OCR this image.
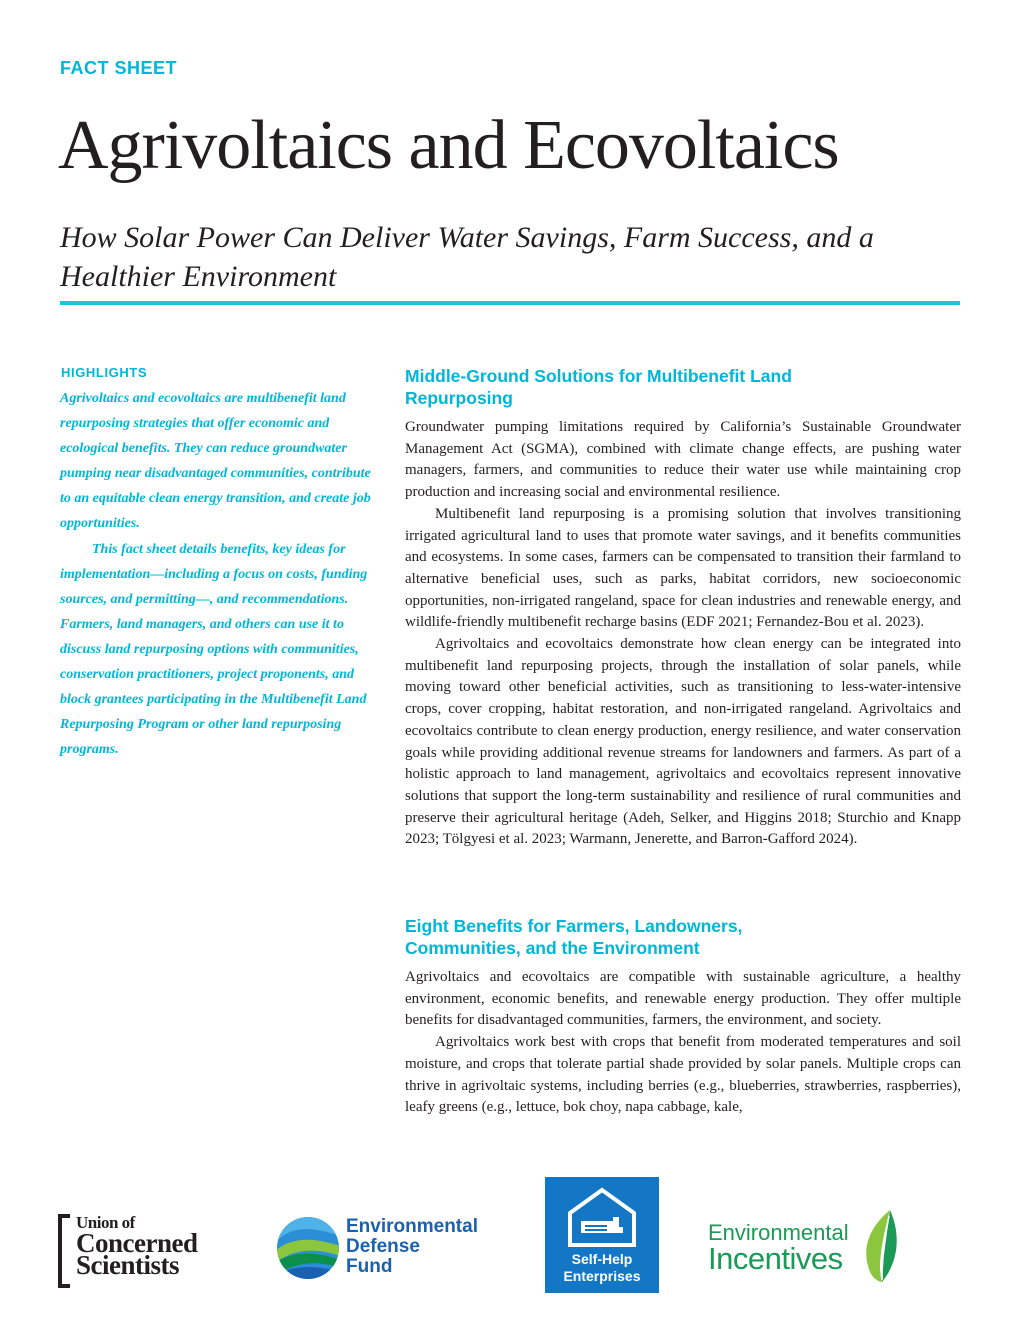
FACT SHEET
Agrivoltaics and Ecovoltaics
How Solar Power Can Deliver Water Savings, Farm Success, and a Healthier Environment
HIGHLIGHTS

Agrivoltaics and ecovoltaics are multibenefit land repurposing strategies that offer economic and ecological benefits. They can reduce groundwater pumping near disadvantaged communities, contribute to an equitable clean energy transition, and create job opportunities.

This fact sheet details benefits, key ideas for implementation—including a focus on costs, funding sources, and permitting—, and recommendations. Farmers, land managers, and others can use it to discuss land repurposing options with communities, conservation practitioners, project proponents, and block grantees participating in the Multibenefit Land Repurposing Program or other land repurposing programs.

Middle-Ground Solutions for Multibenefit Land Repurposing

Groundwater pumping limitations required by California’s Sustainable Groundwater Management Act (SGMA), combined with climate change effects, are pushing water managers, farmers, and communities to reduce their water use while maintaining crop production and increasing social and environmental resilience.

Multibenefit land repurposing is a promising solution that involves transitioning irrigated agricultural land to uses that promote water savings, and it benefits communities and ecosystems. In some cases, farmers can be compensated to transition their farmland to alternative beneficial uses, such as parks, habitat corridors, new socioeconomic opportunities, non-irrigated rangeland, space for clean industries and renewable energy, and wildlife-friendly multibenefit recharge basins (EDF 2021; Fernandez-Bou et al. 2023).

Agrivoltaics and ecovoltaics demonstrate how clean energy can be integrated into multibenefit land repurposing projects, through the installation of solar panels, while moving toward other beneficial activities, such as transitioning to less-water-intensive crops, cover cropping, habitat restoration, and non-irrigated rangeland. Agrivoltaics and ecovoltaics contribute to clean energy production, energy resilience, and water conservation goals while providing additional revenue streams for landowners and farmers. As part of a holistic approach to land management, agrivoltaics and ecovoltaics represent innovative solutions that support the long-term sustainability and resilience of rural communities and preserve their agricultural heritage (Adeh, Selker, and Higgins 2018; Sturchio and Knapp 2023; Tölgyesi et al. 2023; Warmann, Jenerette, and Barron-Gafford 2024).

Eight Benefits for Farmers, Landowners, Communities, and the Environment

Agrivoltaics and ecovoltaics are compatible with sustainable agriculture, a healthy environment, economic benefits, and renewable energy production. They offer multiple benefits for disadvantaged communities, farmers, the environment, and society.

Agrivoltaics work best with crops that benefit from moderated temperatures and soil moisture, and crops that tolerate partial shade provided by solar panels. Multiple crops can thrive in agrivoltaic systems, including berries (e.g., blueberries, strawberries, raspberries), leafy greens (e.g., lettuce, bok choy, napa cabbage, kale,

Union of
Concerned
Scientists
Environmental
Defense
Fund	Self-Help
Enterprises
Environmental
Incentives
